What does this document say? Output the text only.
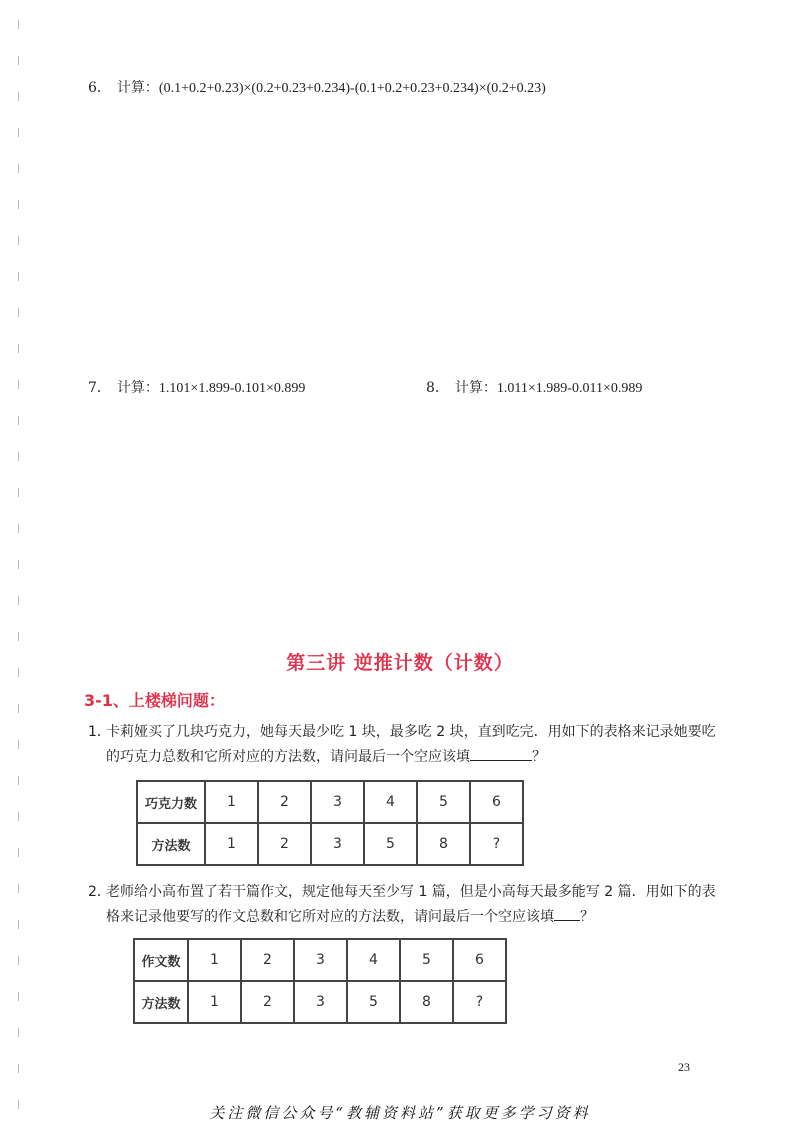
6． 计算：(0.1+0.2+0.23)×(0.2+0.23+0.234)-(0.1+0.2+0.23+0.234)×(0.2+0.23)
7． 计算：1.101×1.899-0.101×0.899	8． 计算：1.011×1.989-0.011×0.989
第三讲 逆推计数（计数）
3-1、上楼梯问题：
1．
卡莉娅买了几块巧克力，她每天最少吃 1 块，最多吃 2 块，直到吃完．用如下的表格来记录她要吃的巧克力总数和它所对应的方法数，请问最后一个空应该填	？
巧克力数	1	2	3	4	5	6
方法数	1	2	3	5	8	?
2．
老师给小高布置了若干篇作文，规定他每天至少写 1 篇，但是小高每天最多能写 2 篇．用如下的表格来记录他要写的作文总数和它所对应的方法数，请问最后一个空应该填 ？
作文数	1	2	3	4	5	6
方法数	1	2	3	5	8	?
23
关注微信公众号“教辅资料站”获取更多学习资料
